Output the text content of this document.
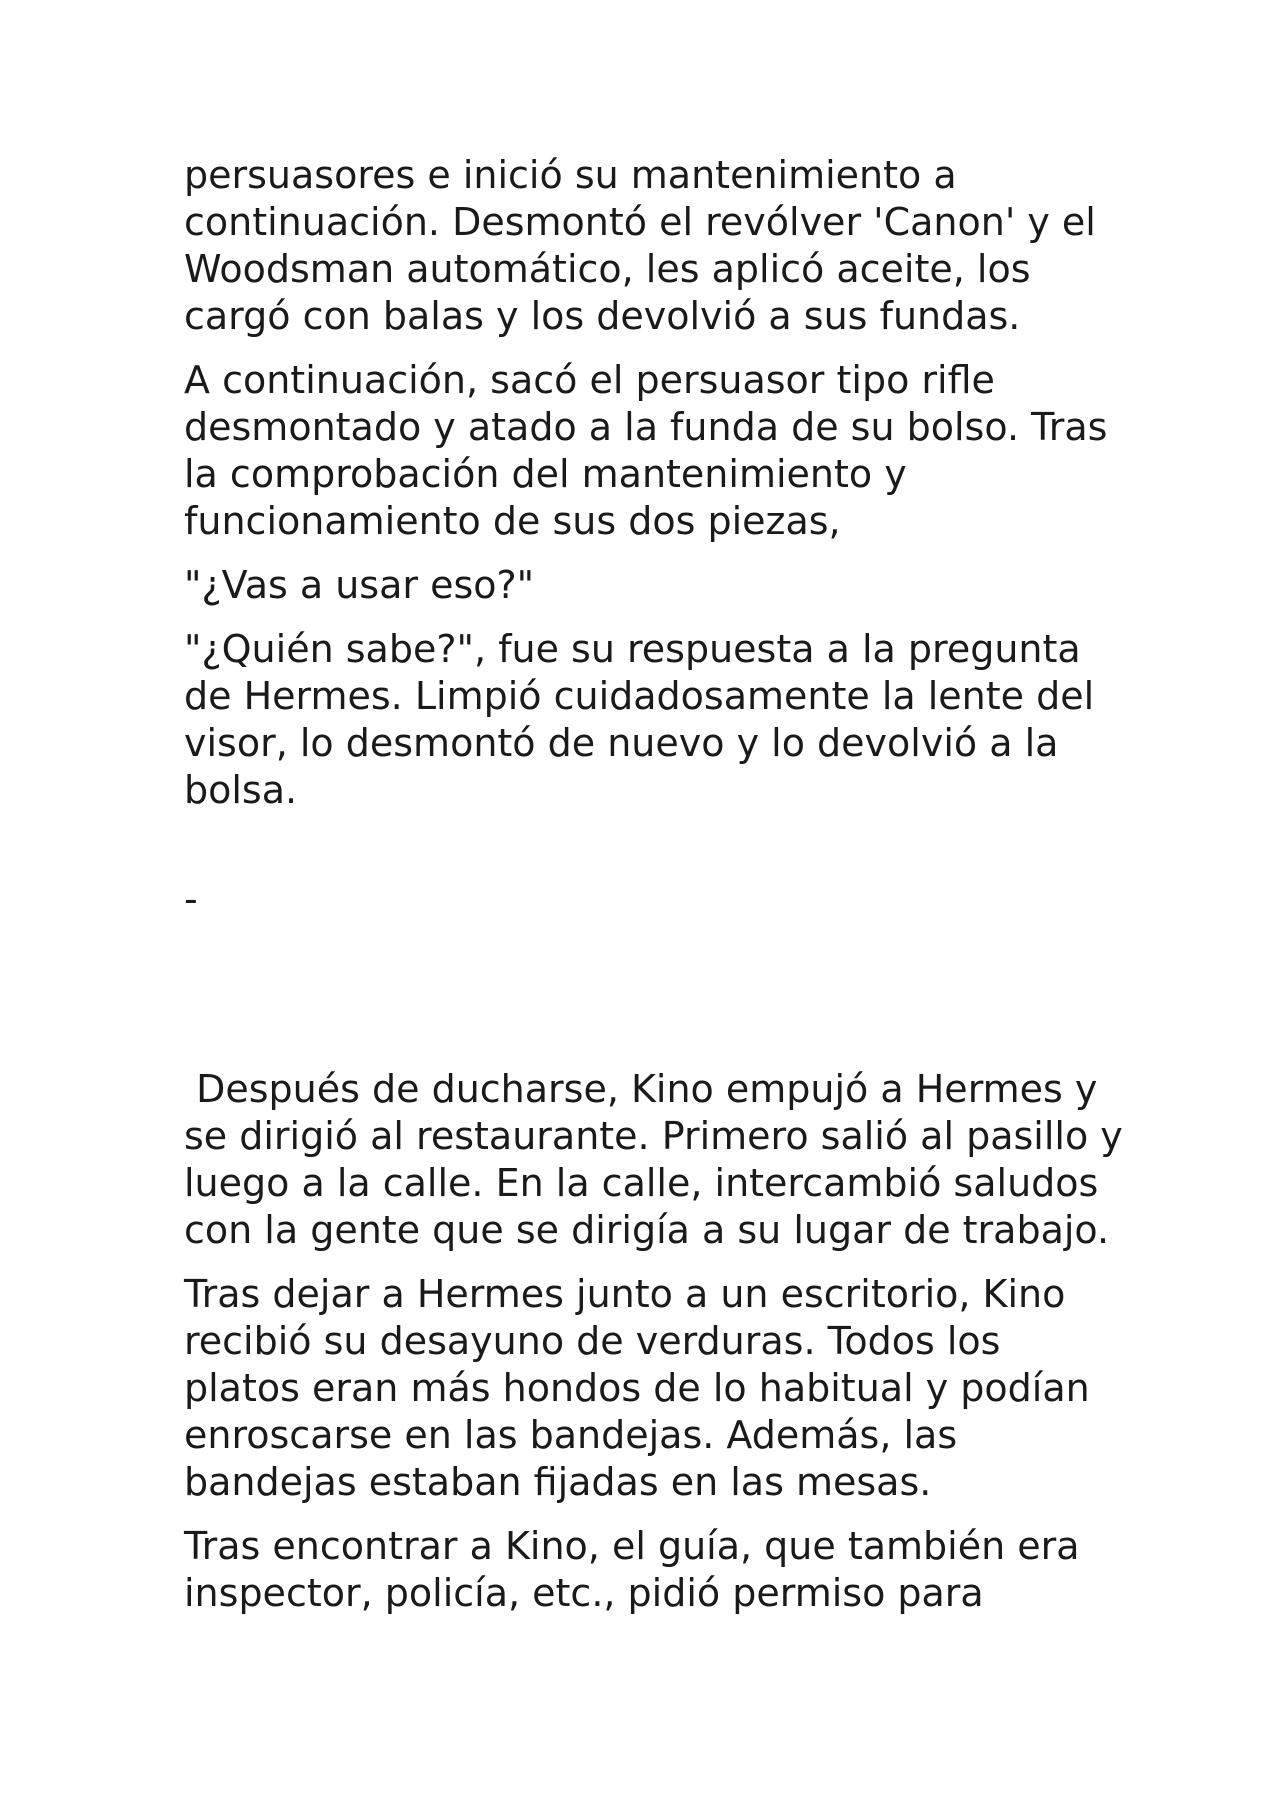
persuasores e inició su mantenimiento a continuación. Desmontó el revólver 'Canon' y el Woodsman automático, les aplicó aceite, los cargó con balas y los devolvió a sus fundas.

A continuación, sacó el persuasor tipo rifle desmontado y atado a la funda de su bolso. Tras la comprobación del mantenimiento y funcionamiento de sus dos piezas,

"¿Vas a usar eso?"

"¿Quién sabe?", fue su respuesta a la pregunta de Hermes. Limpió cuidadosamente la lente del visor, lo desmontó de nuevo y lo devolvió a la bolsa.

-

Después de ducharse, Kino empujó a Hermes y se dirigió al restaurante. Primero salió al pasillo y luego a la calle. En la calle, intercambió saludos con la gente que se dirigía a su lugar de trabajo.

Tras dejar a Hermes junto a un escritorio, Kino recibió su desayuno de verduras. Todos los platos eran más hondos de lo habitual y podían enroscarse en las bandejas. Además, las bandejas estaban fijadas en las mesas.

Tras encontrar a Kino, el guía, que también era inspector, policía, etc., pidió permiso para
